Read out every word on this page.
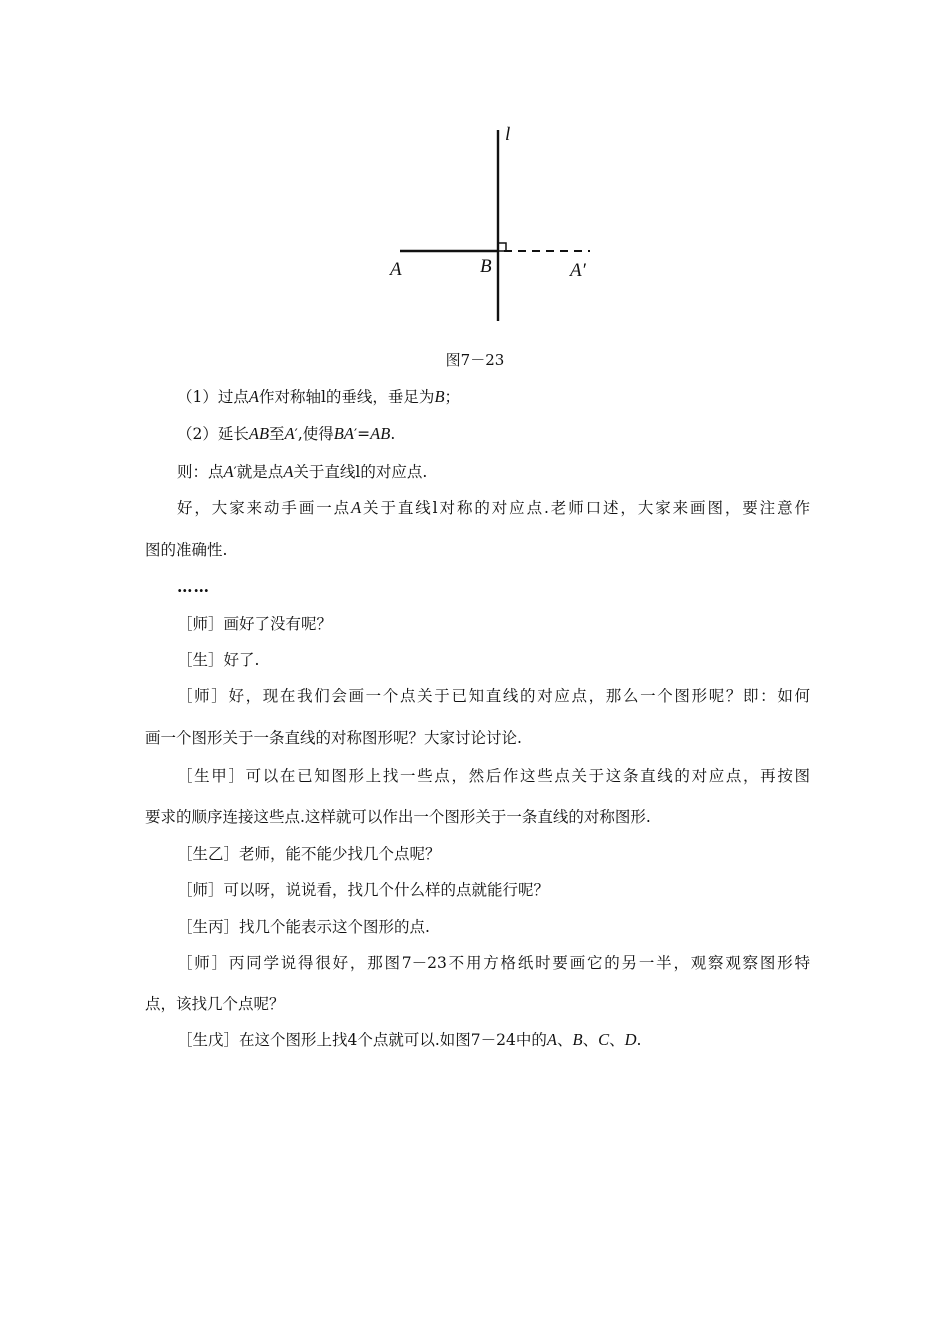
l
A	B	A′
图7－23
（1）过点A作对称轴l的垂线，垂足为B；
（2）延长AB至A′,使得BA′=AB.
则：点A′就是点A关于直线l的对应点.
好，大家来动手画一点A关于直线l对称的对应点.老师口述，大家来画图，要注意作
图的准确性.
……
［师］画好了没有呢？
［生］好了.
［师］好，现在我们会画一个点关于已知直线的对应点，那么一个图形呢？即：如何
画一个图形关于一条直线的对称图形呢？大家讨论讨论.
［生甲］可以在已知图形上找一些点，然后作这些点关于这条直线的对应点，再按图
要求的顺序连接这些点.这样就可以作出一个图形关于一条直线的对称图形.
［生乙］老师，能不能少找几个点呢？
［师］可以呀，说说看，找几个什么样的点就能行呢？
［生丙］找几个能表示这个图形的点.
［师］丙同学说得很好，那图7－23不用方格纸时要画它的另一半，观察观察图形特
点，该找几个点呢？
［生戊］在这个图形上找4个点就可以.如图7－24中的A、B、C、D.
